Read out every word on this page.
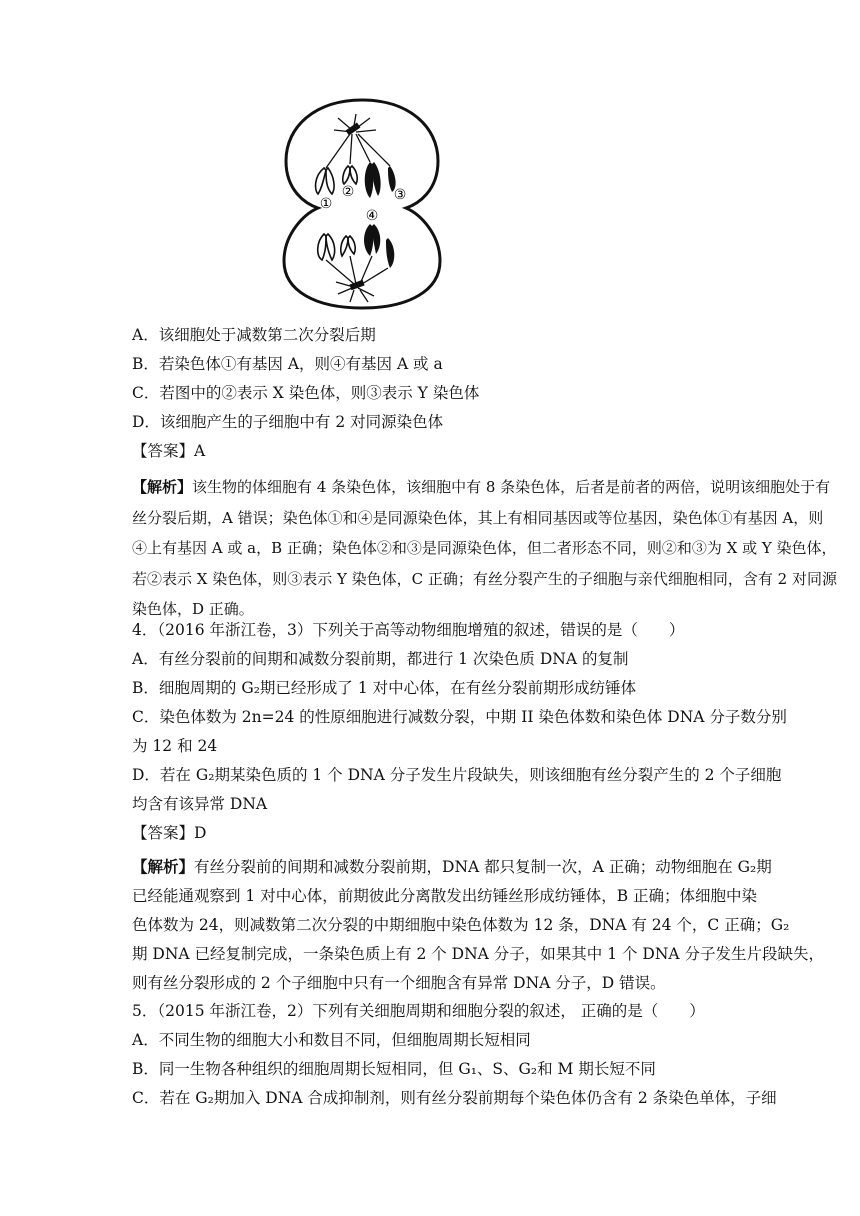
①
②	③
④
A．该细胞处于减数第二次分裂后期
B．若染色体①有基因 A，则④有基因 A 或 a
C．若图中的②表示 X 染色体，则③表示 Y 染色体
D．该细胞产生的子细胞中有 2 对同源染色体
【答案】A
【解析】该生物的体细胞有 4 条染色体，该细胞中有 8 条染色体，后者是前者的两倍，说明该细胞处于有
丝分裂后期，A 错误；染色体①和④是同源染色体，其上有相同基因或等位基因，染色体①有基因 A，则
④上有基因 A 或 a，B 正确；染色体②和③是同源染色体，但二者形态不同，则②和③为 X 或 Y 染色体，
若②表示 X 染色体，则③表示 Y 染色体，C 正确；有丝分裂产生的子细胞与亲代细胞相同，含有 2 对同源
染色体，D 正确。
4．（2016 年浙江卷，3）下列关于高等动物细胞增殖的叙述，错误的是（　　）
A．有丝分裂前的间期和减数分裂前期，都进行 1 次染色质 DNA 的复制
B．细胞周期的 G₂期已经形成了 1 对中心体，在有丝分裂前期形成纺锤体
C．染色体数为 2n=24 的性原细胞进行减数分裂，中期 II 染色体数和染色体 DNA 分子数分别
为 12 和 24
D．若在 G₂期某染色质的 1 个 DNA 分子发生片段缺失，则该细胞有丝分裂产生的 2 个子细胞
均含有该异常 DNA
【答案】D
【解析】有丝分裂前的间期和减数分裂前期，DNA 都只复制一次，A 正确；动物细胞在 G₂期
已经能通观察到 1 对中心体，前期彼此分离散发出纺锤丝形成纺锤体，B 正确；体细胞中染
色体数为 24，则减数第二次分裂的中期细胞中染色体数为 12 条，DNA 有 24 个，C 正确；G₂
期 DNA 已经复制完成，一条染色质上有 2 个 DNA 分子，如果其中 1 个 DNA 分子发生片段缺失，
则有丝分裂形成的 2 个子细胞中只有一个细胞含有异常 DNA 分子，D 错误。
5．（2015 年浙江卷，2）下列有关细胞周期和细胞分裂的叙述， 正确的是（　　）
A．不同生物的细胞大小和数目不同，但细胞周期长短相同
B．同一生物各种组织的细胞周期长短相同，但 G₁、S、G₂和 M 期长短不同
C．若在 G₂期加入 DNA 合成抑制剂，则有丝分裂前期每个染色体仍含有 2 条染色单体，子细
